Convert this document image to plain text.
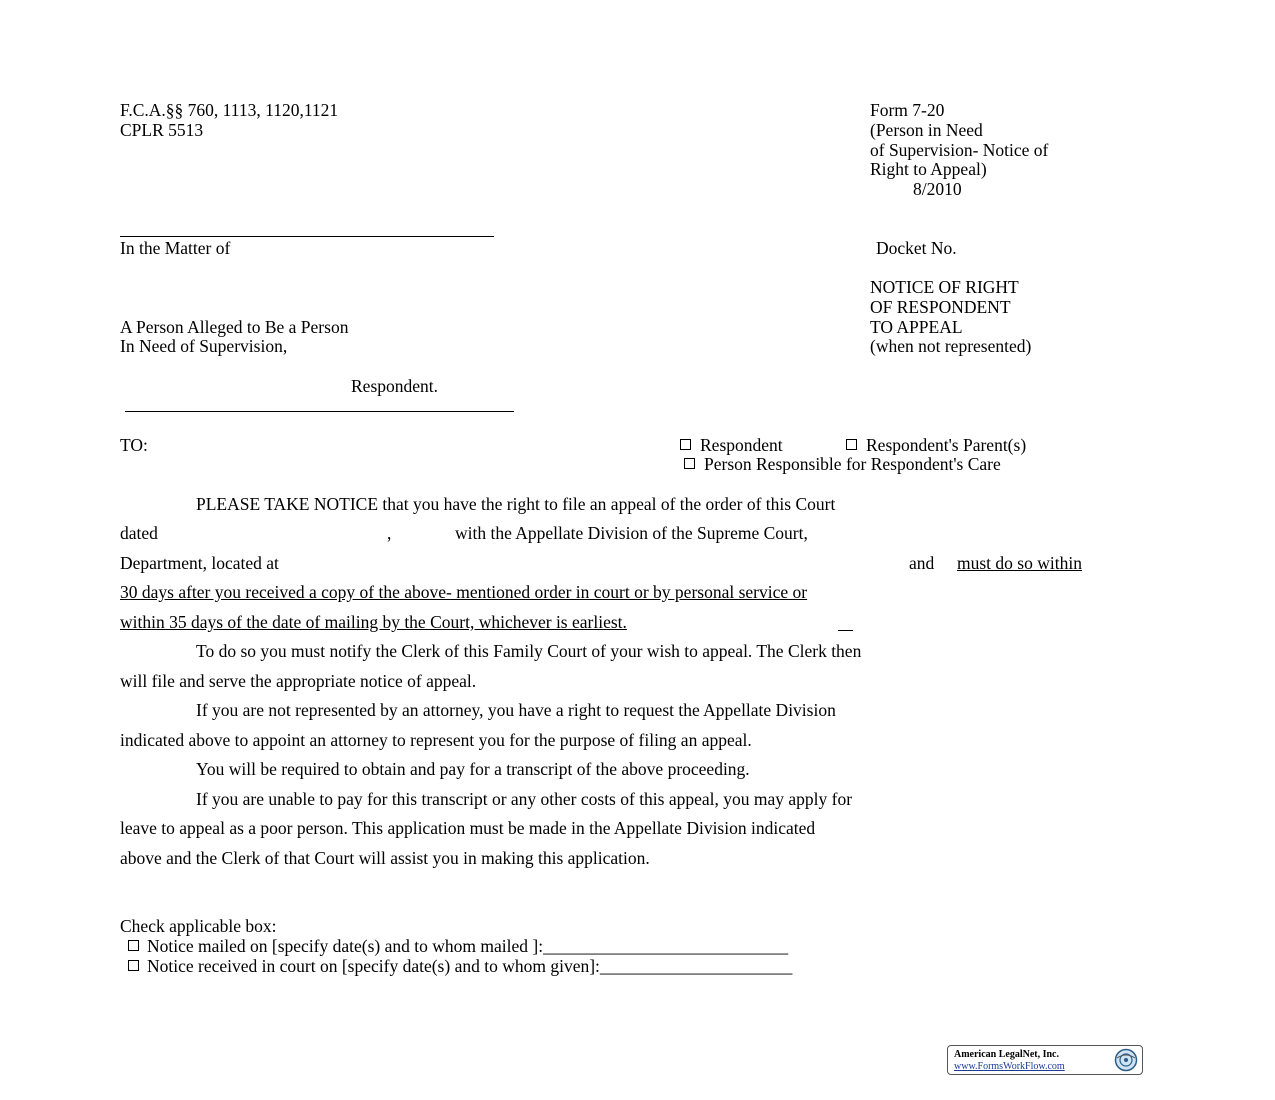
F.C.A.§§ 760, 1113, 1120,1121
CPLR 5513
Form 7-20
(Person in Need
of Supervision- Notice of
Right to Appeal)
8/2010
In the Matter of	Docket No.
NOTICE OF RIGHT
OF RESPONDENT
TO APPEAL
(when not represented)
A Person Alleged to Be a Person
In Need of Supervision,
Respondent.
TO:	Respondent	Respondent's Parent(s)
Person Responsible for Respondent's Care
PLEASE TAKE NOTICE that you have the right to file an appeal of the order of this Court
dated	,	with the Appellate Division of the Supreme Court,
Department, located at	and must do so within
30 days after you received a copy of the above- mentioned order in court or by personal service or
within 35 days of the date of mailing by the Court, whichever is earliest.
To do so you must notify the Clerk of this Family Court of your wish to appeal. The Clerk then
will file and serve the appropriate notice of appeal.
If you are not represented by an attorney, you have a right to request the Appellate Division
indicated above to appoint an attorney to represent you for the purpose of filing an appeal.
You will be required to obtain and pay for a transcript of the above proceeding.
If you are unable to pay for this transcript or any other costs of this appeal, you may apply for
leave to appeal as a poor person. This application must be made in the Appellate Division indicated
above and the Clerk of that Court will assist you in making this application.
Check applicable box:
Notice mailed on [specify date(s) and to whom mailed ]:____________________________
Notice received in court on [specify date(s) and to whom given]:______________________
American LegalNet, Inc.
www.FormsWorkFlow.com
